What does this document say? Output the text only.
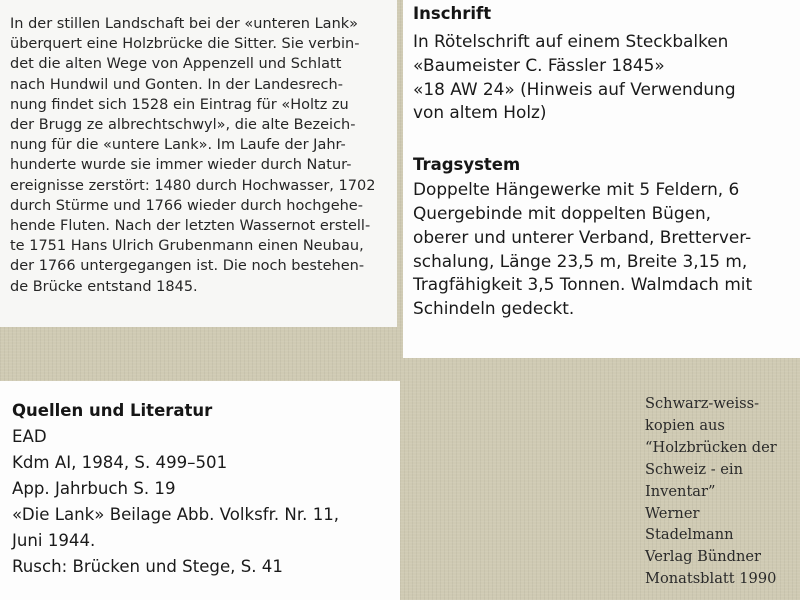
In der stillen Landschaft bei der «unteren Lank»
überquert eine Holzbrücke die Sitter. Sie verbin-
det die alten Wege von Appenzell und Schlatt
nach Hundwil und Gonten. In der Landesrech-
nung findet sich 1528 ein Eintrag für «Holtz zu
der Brugg ze albrechtschwyl», die alte Bezeich-
nung für die «untere Lank». Im Laufe der Jahr-
hunderte wurde sie immer wieder durch Natur-
ereignisse zerstört: 1480 durch Hochwasser, 1702
durch Stürme und 1766 wieder durch hochgehe-
hende Fluten. Nach der letzten Wassernot erstell-
te 1751 Hans Ulrich Grubenmann einen Neubau,
der 1766 untergegangen ist. Die noch bestehen-
de Brücke entstand 1845.
Inschrift
In Rötelschrift auf einem Steckbalken
«Baumeister C. Fässler 1845»
«18 AW 24» (Hinweis auf Verwendung
von altem Holz)
Tragsystem
Doppelte Hängewerke mit 5 Feldern, 6
Quergebinde mit doppelten Bügen,
oberer und unterer Verband, Bretterver-
schalung, Länge 23,5 m, Breite 3,15 m,
Tragfähigkeit 3,5 Tonnen. Walmdach mit
Schindeln gedeckt.
Quellen und Literatur
EAD
Kdm AI, 1984, S. 499–501
App. Jahrbuch S. 19
«Die Lank» Beilage Abb. Volksfr. Nr. 11,
Juni 1944.
Rusch: Brücken und Stege, S. 41
Schwarz-weiss-
kopien aus
“Holzbrücken der
Schweiz - ein
Inventar”
Werner
Stadelmann
Verlag Bündner
Monatsblatt 1990
